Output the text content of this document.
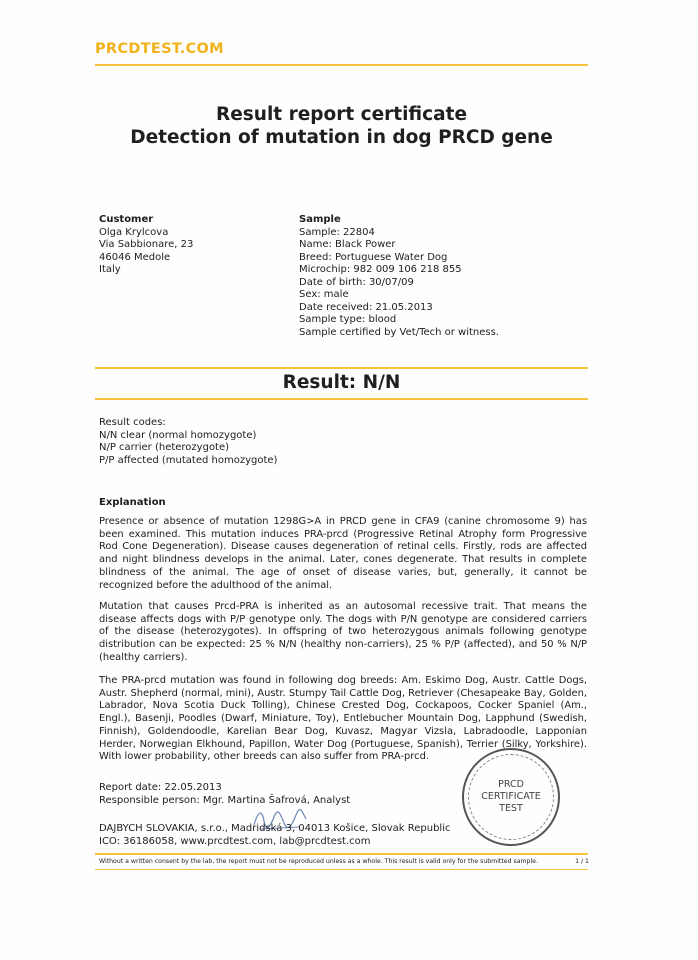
PRCDTEST.COM
Result report certificate
Detection of mutation in dog PRCD gene
Customer
Olga Krylcova
Via Sabbionare, 23
46046 Medole
Italy
Sample
Sample: 22804
Name: Black Power
Breed: Portuguese Water Dog
Microchip: 982 009 106 218 855
Date of birth: 30/07/09
Sex: male
Date received: 21.05.2013
Sample type: blood
Sample certified by Vet/Tech or witness.
Result: N/N
Result codes:
N/N clear (normal homozygote)
N/P carrier (heterozygote)
P/P affected (mutated homozygote)
Explanation
Presence or absence of mutation 1298G>A in PRCD gene in CFA9 (canine chromosome 9) has been examined. This mutation induces PRA-prcd (Progressive Retinal Atrophy form Progressive Rod Cone Degeneration). Disease causes degeneration of retinal cells. Firstly, rods are affected and night blindness develops in the animal. Later, cones degenerate. That results in complete blindness of the animal. The age of onset of disease varies, but, generally, it cannot be recognized before the adulthood of the animal.
Mutation that causes Prcd-PRA is inherited as an autosomal recessive trait. That means the disease affects dogs with P/P genotype only. The dogs with P/N genotype are considered carriers of the disease (heterozygotes). In offspring of two heterozygous animals following genotype distribution can be expected: 25 % N/N (healthy non-carriers), 25 % P/P (affected), and 50 % N/P (healthy carriers).
The PRA-prcd mutation was found in following dog breeds: Am. Eskimo Dog, Austr. Cattle Dogs, Austr. Shepherd (normal, mini), Austr. Stumpy Tail Cattle Dog, Retriever (Chesapeake Bay, Golden, Labrador, Nova Scotia Duck Tolling), Chinese Crested Dog, Cockapoos, Cocker Spaniel (Am., Engl.), Basenji, Poodles (Dwarf, Miniature, Toy), Entlebucher Mountain Dog, Lapphund (Swedish, Finnish), Goldendoodle, Karelian Bear Dog, Kuvasz, Magyar Vizsla, Labradoodle, Lapponian Herder, Norwegian Elkhound, Papillon, Water Dog (Portuguese, Spanish), Terrier (Silky, Yorkshire). With lower probability, other breeds can also suffer from PRA-prcd.
Report date: 22.05.2013
Responsible person: Mgr. Martina Šafrová, Analyst
DAJBYCH SLOVAKIA, s.r.o., Madridská 3, 04013 Košice, Slovak Republic
ICO: 36186058, www.prcdtest.com, lab@prcdtest.com
PRCD
CERTIFICATE
TEST
Without a written consent by the lab, the report must not be reproduced unless as a whole. This result is valid only for the submitted sample.	1 / 1
